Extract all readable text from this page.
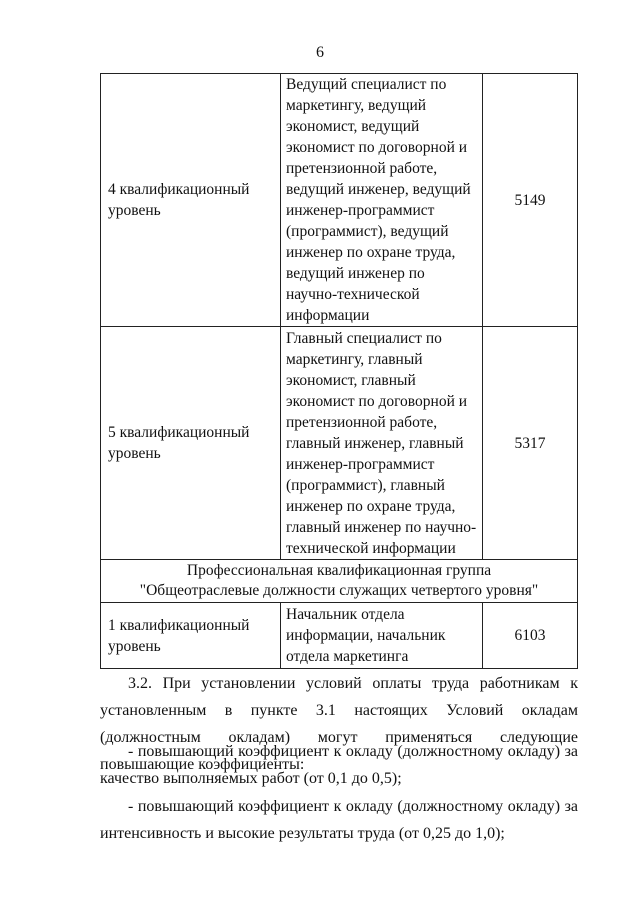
6
4 квалификационный уровень	Ведущий специалист по маркетингу, ведущий экономист, ведущий экономист по договорной и претензионной работе, ведущий инженер, ведущий инженер-программист (программист), ведущий инженер по охране труда, ведущий инженер по научно-технической информации	5149
5 квалификационный уровень	Главный специалист по маркетингу, главный экономист, главный экономист по договорной и претензионной работе, главный инженер, главный инженер-программист (программист), главный инженер по охране труда, главный инженер по научно-технической информации	5317

Профессиональная квалификационная группа
"Общеотраслевые должности служащих четвертого уровня"		

1 квалификационный уровень	Начальник отдела информации, начальник отдела маркетинга	6103
3.2. При установлении условий оплаты труда работникам к установленным в пункте 3.1 настоящих Условий окладам (должностным окладам) могут применяться следующие повышающие коэффициенты:
- повышающий коэффициент к окладу (должностному окладу) за качество выполняемых работ (от 0,1 до 0,5);
- повышающий коэффициент к окладу (должностному окладу) за интенсивность и высокие результаты труда (от 0,25 до 1,0);
